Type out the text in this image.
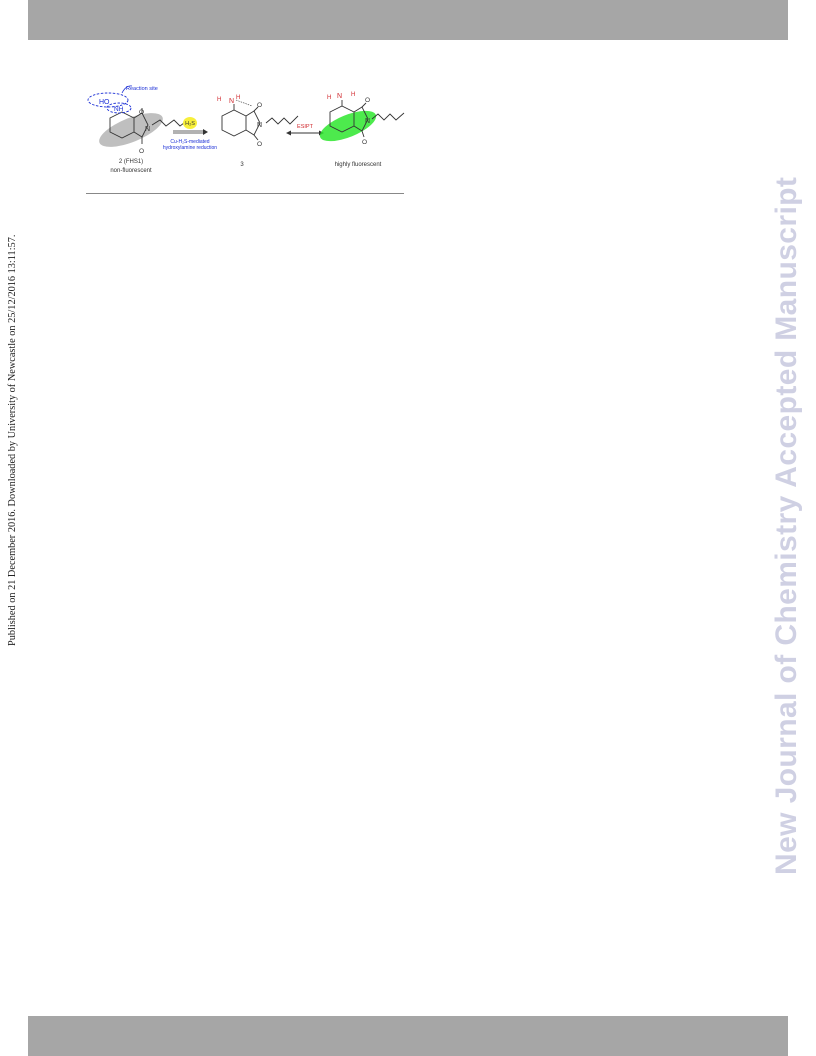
Published on 21 December 2016. Downloaded by University of Newcastle on 25/12/2016 13:11:57.	New Journal of Chemistry Accepted Manuscript
Reaction site
HO
NH O
N
O
2 (FHS1)
non-fluorescent
H₂S
Cu-H₂S-mediated
hydroxylamine reduction
H N H
O
N
O
3
ESIPT
H N H
O
N
O
highly fluorescent
